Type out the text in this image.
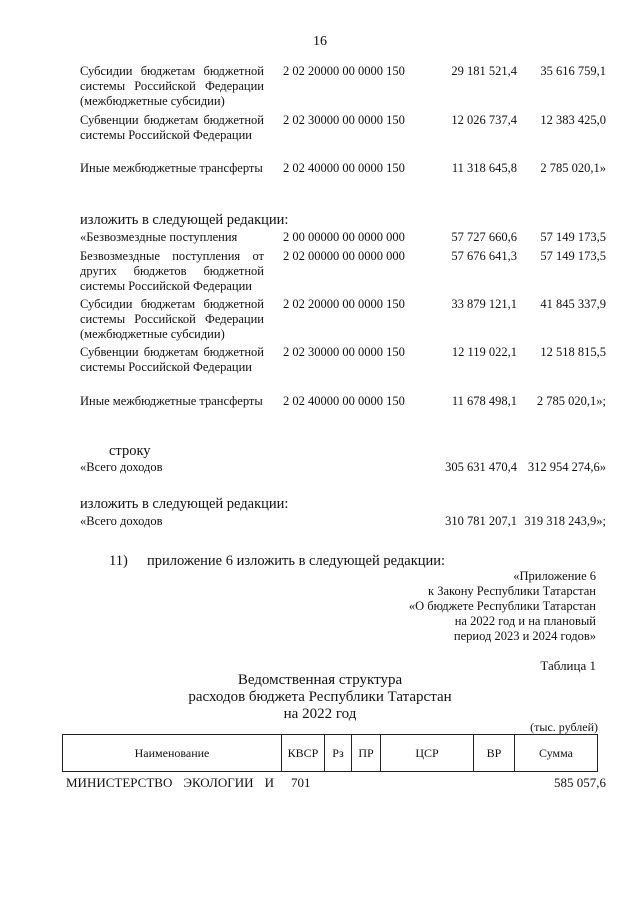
16
Субсидии бюджетам бюджетной системы Российской Федерации (межбюджетные субсидии)
2 02 20000 00 0000 150	29 181 521,4 35 616 759,1
Субвенции бюджетам бюджетной системы Российской Федерации
2 02 30000 00 0000 150	12 026 737,4 12 383 425,0
Иные межбюджетные трансферты 2 02 40000 00 0000 150	11 318 645,8 2 785 020,1»
изложить в следующей редакции:
«Безвозмездные поступления	2 00 00000 00 0000 000	57 727 660,6 57 149 173,5
Безвозмездные поступления от других бюджетов бюджетной системы Российской Федерации
2 02 00000 00 0000 000	57 676 641,3 57 149 173,5
Субсидии бюджетам бюджетной системы Российской Федерации (межбюджетные субсидии)
2 02 20000 00 0000 150	33 879 121,1 41 845 337,9
Субвенции бюджетам бюджетной системы Российской Федерации
2 02 30000 00 0000 150	12 119 022,1 12 518 815,5
Иные межбюджетные трансферты 2 02 40000 00 0000 150	11 678 498,1 2 785 020,1»;
строку
«Всего доходов	305 631 470,4 312 954 274,6»
изложить в следующей редакции:
«Всего доходов	310 781 207,1 319 318 243,9»;
11) приложение 6 изложить в следующей редакции:
«Приложение 6
к Закону Республики Татарстан
«О бюджете Республики Татарстан
на 2022 год и на плановый
период 2023 и 2024 годов»
Таблица 1
Ведомственная структура
расходов бюджета Республики Татарстан
на 2022 год
(тыс. рублей)
Наименование	КВСР	Рз	ПР	ЦСР	ВР	Сумма
МИНИСТЕРСТВО ЭКОЛОГИИ И 701	585 057,6
